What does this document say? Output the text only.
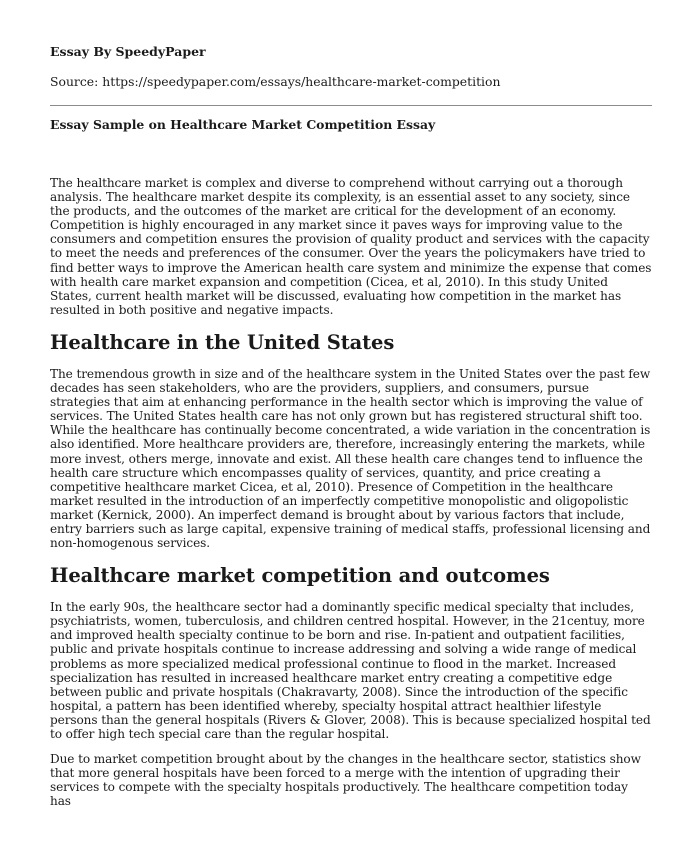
Essay By SpeedyPaper

Source: https://speedypaper.com/essays/healthcare-market-competition

Essay Sample on Healthcare Market Competition Essay

The healthcare market is complex and diverse to comprehend without carrying out a thorough analysis. The healthcare market despite its complexity, is an essential asset to any society, since the products, and the outcomes of the market are critical for the development of an economy. Competition is highly encouraged in any market since it paves ways for improving value to the consumers and competition ensures the provision of quality product and services with the capacity to meet the needs and preferences of the consumer. Over the years the policymakers have tried to find better ways to improve the American health care system and minimize the expense that comes with health care market expansion and competition (Cicea, et al, 2010). In this study United States, current health market will be discussed, evaluating how competition in the market has resulted in both positive and negative impacts.

Healthcare in the United States

The tremendous growth in size and of the healthcare system in the United States over the past few decades has seen stakeholders, who are the providers, suppliers, and consumers, pursue strategies that aim at enhancing performance in the health sector which is improving the value of services. The United States health care has not only grown but has registered structural shift too. While the healthcare has continually become concentrated, a wide variation in the concentration is also identified. More healthcare providers are, therefore, increasingly entering the markets, while more invest, others merge, innovate and exist. All these health care changes tend to influence the health care structure which encompasses quality of services, quantity, and price creating a competitive healthcare market Cicea, et al, 2010). Presence of Competition in the healthcare market resulted in the introduction of an imperfectly competitive monopolistic and oligopolistic market (Kernick, 2000). An imperfect demand is brought about by various factors that include, entry barriers such as large capital, expensive training of medical staffs, professional licensing and non-homogenous services.

Healthcare market competition and outcomes

In the early 90s, the healthcare sector had a dominantly specific medical specialty that includes, psychiatrists, women, tuberculosis, and children centred hospital. However, in the 21centuy, more and improved health specialty continue to be born and rise. In-patient and outpatient facilities, public and private hospitals continue to increase addressing and solving a wide range of medical problems as more specialized medical professional continue to flood in the market. Increased specialization has resulted in increased healthcare market entry creating a competitive edge between public and private hospitals (Chakravarty, 2008). Since the introduction of the specific hospital, a pattern has been identified whereby, specialty hospital attract healthier lifestyle persons than the general hospitals (Rivers & Glover, 2008). This is because specialized hospital ted to offer high tech special care than the regular hospital.

Due to market competition brought about by the changes in the healthcare sector, statistics show that more general hospitals have been forced to a merge with the intention of upgrading their services to compete with the specialty hospitals productively. The healthcare competition today has
